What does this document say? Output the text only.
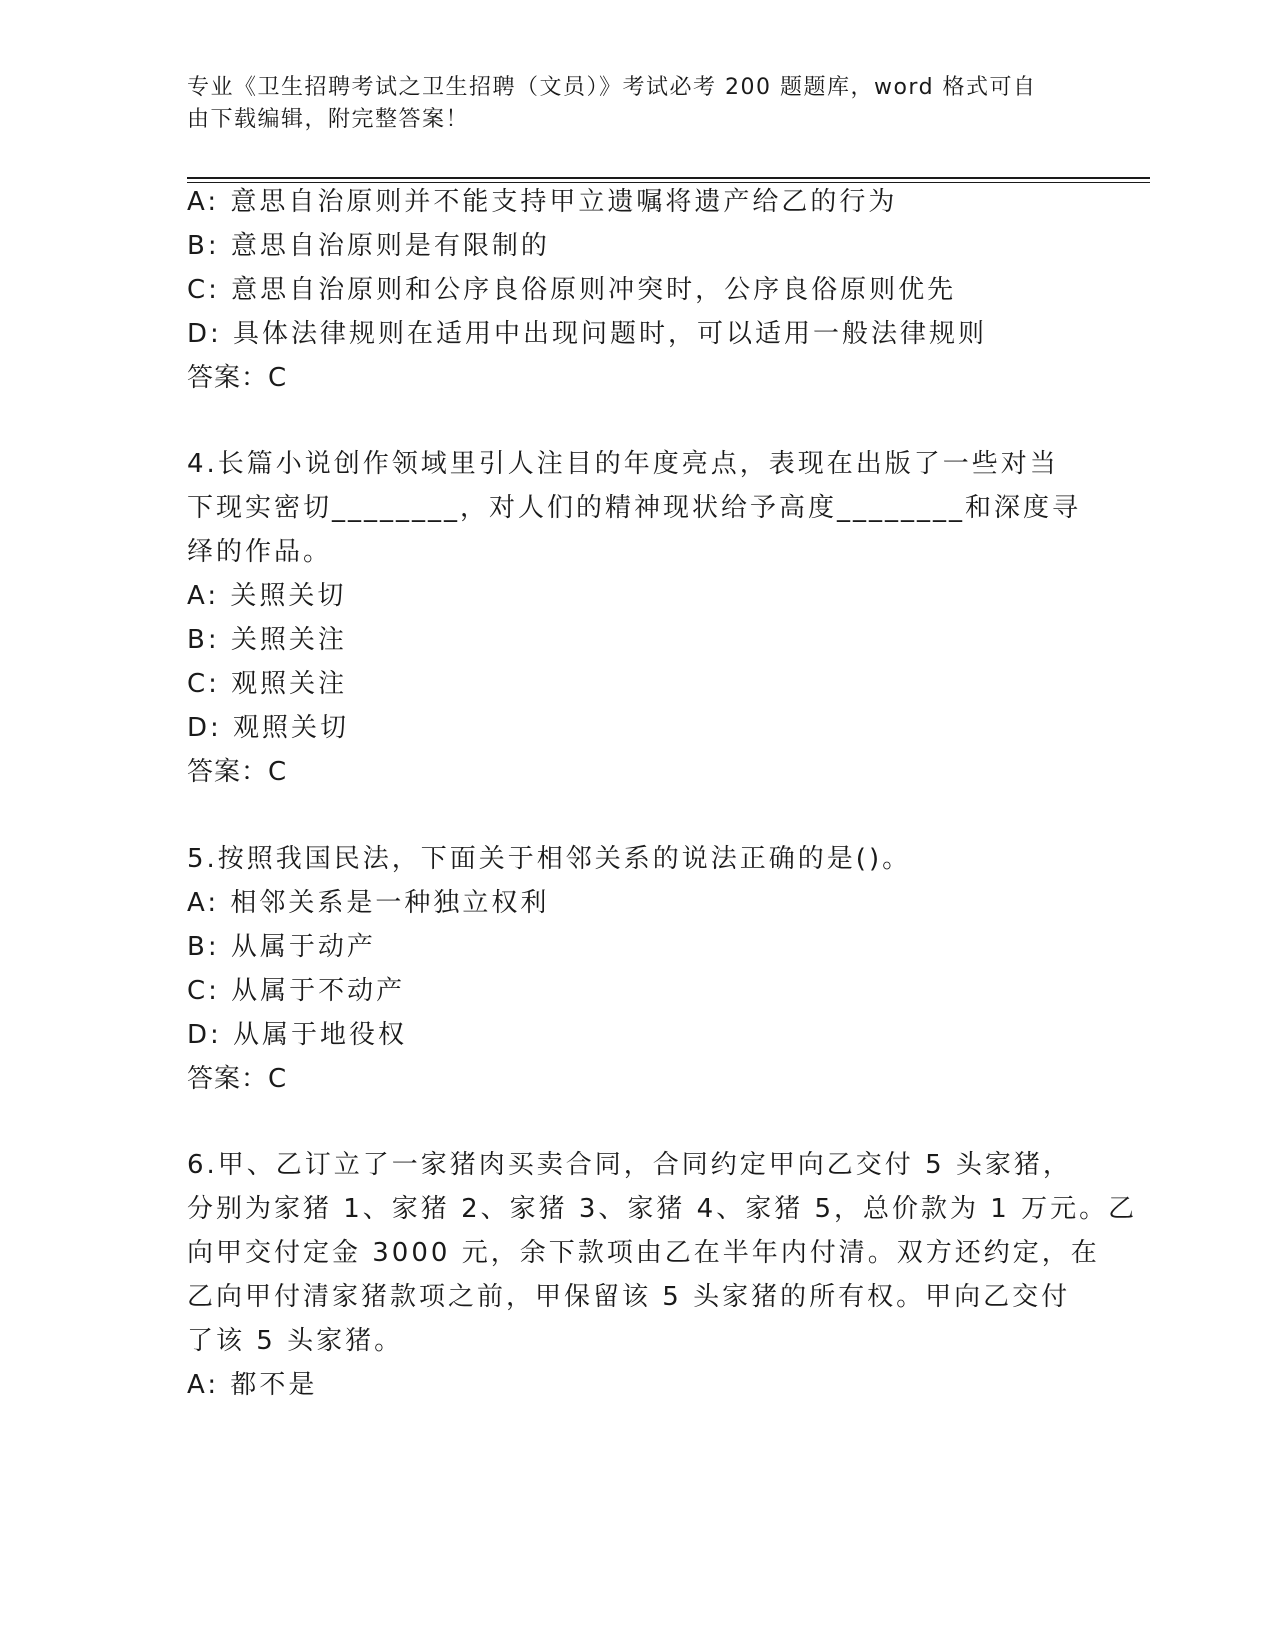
专业《卫生招聘考试之卫生招聘（文员）》考试必考 200 题题库，word 格式可自
由下载编辑，附完整答案！
A: 意思自治原则并不能支持甲立遗嘱将遗产给乙的行为
B: 意思自治原则是有限制的
C: 意思自治原则和公序良俗原则冲突时，公序良俗原则优先
D: 具体法律规则在适用中出现问题时，可以适用一般法律规则
答案：C
4.长篇小说创作领域里引人注目的年度亮点，表现在出版了一些对当
下现实密切________，对人们的精神现状给予高度________和深度寻
绎的作品。
A: 关照关切
B: 关照关注
C: 观照关注
D: 观照关切
答案：C
5.按照我国民法，下面关于相邻关系的说法正确的是()。
A: 相邻关系是一种独立权利
B: 从属于动产
C: 从属于不动产
D: 从属于地役权
答案：C
6.甲、乙订立了一家猪肉买卖合同，合同约定甲向乙交付 5 头家猪，
分别为家猪 1、家猪 2、家猪 3、家猪 4、家猪 5，总价款为 1 万元。乙
向甲交付定金 3000 元，余下款项由乙在半年内付清。双方还约定，在
乙向甲付清家猪款项之前，甲保留该 5 头家猪的所有权。甲向乙交付
了该 5 头家猪。
A: 都不是
